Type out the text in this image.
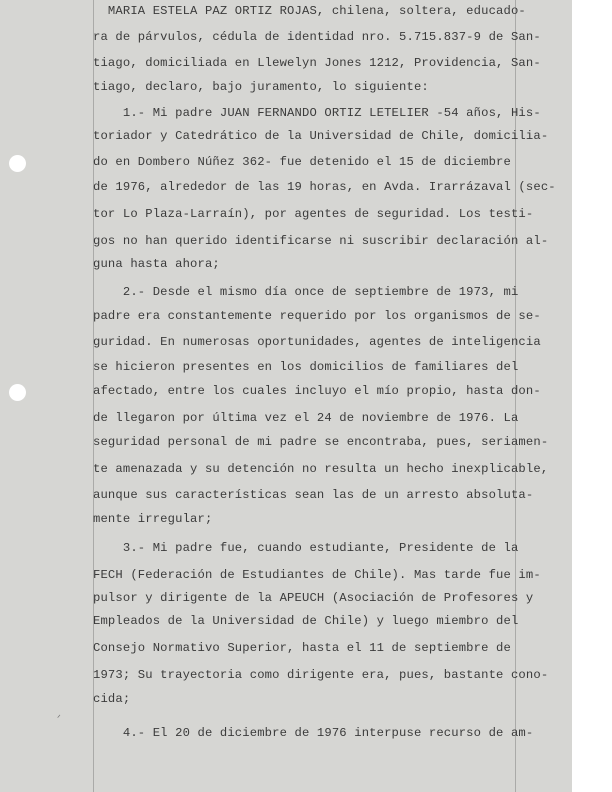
ᐟ
MARIA ESTELA PAZ ORTIZ ROJAS, chilena, soltera, educado-
ra de párvulos, cédula de identidad nro. 5.715.837-9 de San-
tiago, domiciliada en Llewelyn Jones 1212, Providencia, San-
tiago, declaro, bajo juramento, lo siguiente:
1.- Mi padre JUAN FERNANDO ORTIZ LETELIER -54 años, His-
toriador y Catedrático de la Universidad de Chile, domicilia-
do en Dombero Núñez 362- fue detenido el 15 de diciembre
de 1976, alrededor de las 19 horas, en Avda. Irarrázaval (sec-
tor Lo Plaza-Larraín), por agentes de seguridad. Los testi-
gos no han querido identificarse ni suscribir declaración al-
guna hasta ahora;
2.- Desde el mismo día once de septiembre de 1973, mi
padre era constantemente requerido por los organismos de se-
guridad. En numerosas oportunidades, agentes de inteligencia
se hicieron presentes en los domicilios de familiares del
afectado, entre los cuales incluyo el mío propio, hasta don-
de llegaron por última vez el 24 de noviembre de 1976. La
seguridad personal de mi padre se encontraba, pues, seriamen-
te amenazada y su detención no resulta un hecho inexplicable,
aunque sus características sean las de un arresto absoluta-
mente irregular;
3.- Mi padre fue, cuando estudiante, Presidente de la
FECH (Federación de Estudiantes de Chile). Mas tarde fue im-
pulsor y dirigente de la APEUCH (Asociación de Profesores y
Empleados de la Universidad de Chile) y luego miembro del
Consejo Normativo Superior, hasta el 11 de septiembre de
1973; Su trayectoria como dirigente era, pues, bastante cono-
cida;
4.- El 20 de diciembre de 1976 interpuse recurso de am-
